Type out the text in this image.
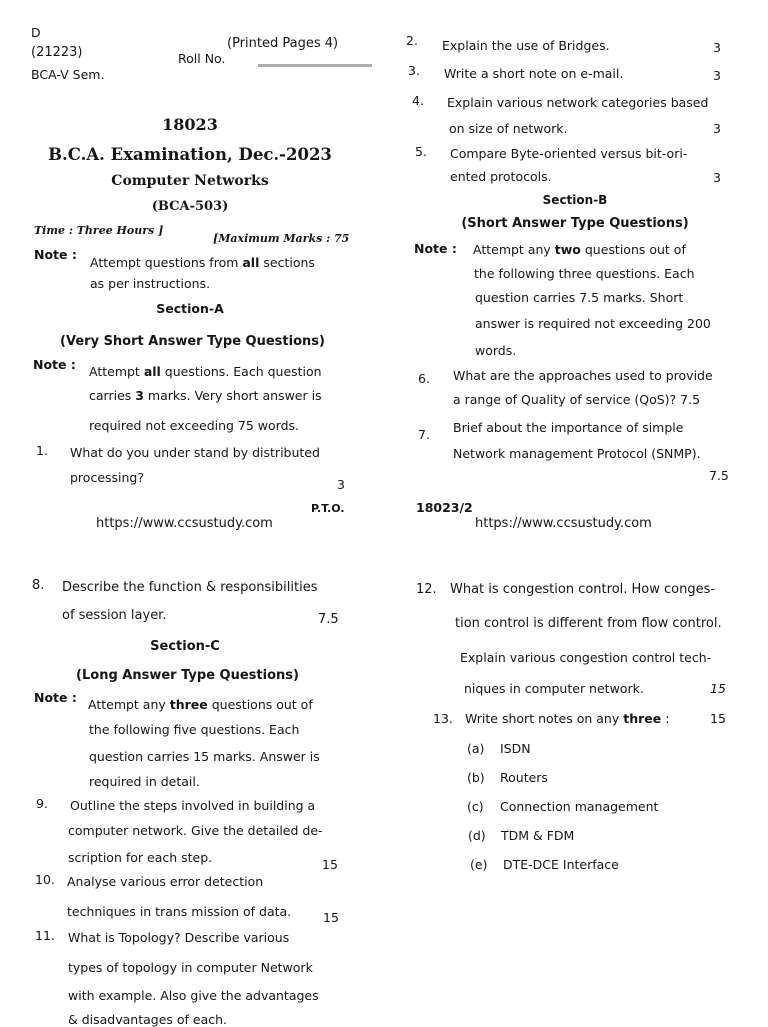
D
(21223)
(Printed Pages 4)
Roll No.
BCA-V Sem.
18023
B.C.A. Examination, Dec.-2023
Computer Networks
(BCA-503)
Time : Three Hours ]
[Maximum Marks : 75
Note :
Attempt questions from all sections
as per instructions.
Section-A
(Very Short Answer Type Questions)
Note : Attempt all questions. Each question
carries 3 marks. Very short answer is
required not exceeding 75 words.
1. What do you under stand by distributed
processing?	3
P.T.O.
https://www.ccsustudy.com
2. Explain the use of Bridges.	3
3. Write a short note on e-mail.	3
4. Explain various network categories based
on size of network.	3
5. Compare Byte-oriented versus bit-ori-
ented protocols.	3
Section-B
(Short Answer Type Questions)
Note : Attempt any two questions out of
the following three questions. Each
question carries 7.5 marks. Short
answer is required not exceeding 200
words.
6. What are the approaches used to provide
a range of Quality of service (QoS)? 7.5
7. Brief about the importance of simple
Network management Protocol (SNMP).
7.5
18023/2
https://www.ccsustudy.com
8. Describe the function & responsibilities
of session layer.	7.5
Section-C
(Long Answer Type Questions)
Note : Attempt any three questions out of
the following five questions. Each
question carries 15 marks. Answer is
required in detail.
9. Outline the steps involved in building a
computer network. Give the detailed de-
scription for each step.	15
10. Analyse various error detection
techniques in trans mission of data.	15
11. What is Topology? Describe various
types of topology in computer Network
with example. Also give the advantages
& disadvantages of each.
12. What is congestion control. How conges-
tion control is different from flow control.
Explain various congestion control tech-
niques in computer network.	15
13. Write short notes on any three :	15
(a) ISDN
(b) Routers
(c) Connection management
(d) TDM & FDM
(e) DTE-DCE Interface
